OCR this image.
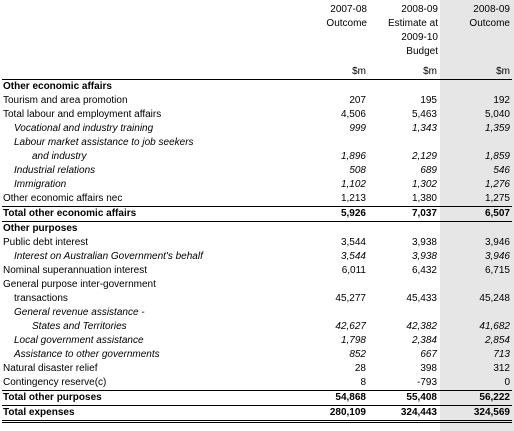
	2007-08	2008-09	2008-09
	Outcome	Estimate at	Outcome
		2009-10	
		Budget	

	$m	$m	$m
Other economic affairs			
Tourism and area promotion	207	195	192
Total labour and employment affairs	4,506	5,463	5,040
Vocational and industry training	999	1,343	1,359
Labour market assistance to job seekers			
and industry	1,896	2,129	1,859
Industrial relations	508	689	546
Immigration	1,102	1,302	1,276
Other economic affairs nec	1,213	1,380	1,275
Total other economic affairs	5,926	7,037	6,507
Other purposes			
Public debt interest	3,544	3,938	3,946
Interest on Australian Government's behalf	3,544	3,938	3,946
Nominal superannuation interest	6,011	6,432	6,715
General purpose inter-government			
transactions	45,277	45,433	45,248
General revenue assistance -			
States and Territories	42,627	42,382	41,682
Local government assistance	1,798	2,384	2,854
Assistance to other governments	852	667	713
Natural disaster relief	28	398	312
Contingency reserve(c)	8	-793	0
Total other purposes	54,868	55,408	56,222
Total expenses	280,109	324,443	324,569
